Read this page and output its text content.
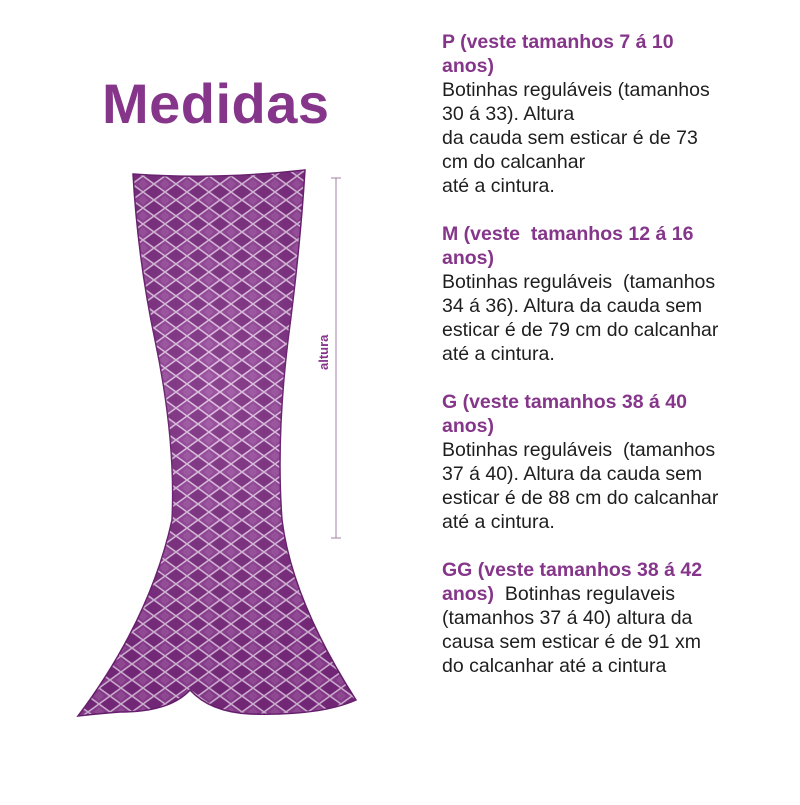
Medidas
altura
P (veste tamanhos 7 á 10
anos)
Botinhas reguláveis (tamanhos
30 á 33). Altura
da cauda sem esticar é de 73
cm do calcanhar
até a cintura.
M (veste  tamanhos 12 á 16
anos)
Botinhas reguláveis  (tamanhos
34 á 36). Altura da cauda sem
esticar é de 79 cm do calcanhar
até a cintura.
G (veste tamanhos 38 á 40
anos)
Botinhas reguláveis  (tamanhos
37 á 40). Altura da cauda sem
esticar é de 88 cm do calcanhar
até a cintura.
GG (veste tamanhos 38 á 42
anos)  Botinhas regulaveis
(tamanhos 37 á 40) altura da
causa sem esticar é de 91 xm
do calcanhar até a cintura
